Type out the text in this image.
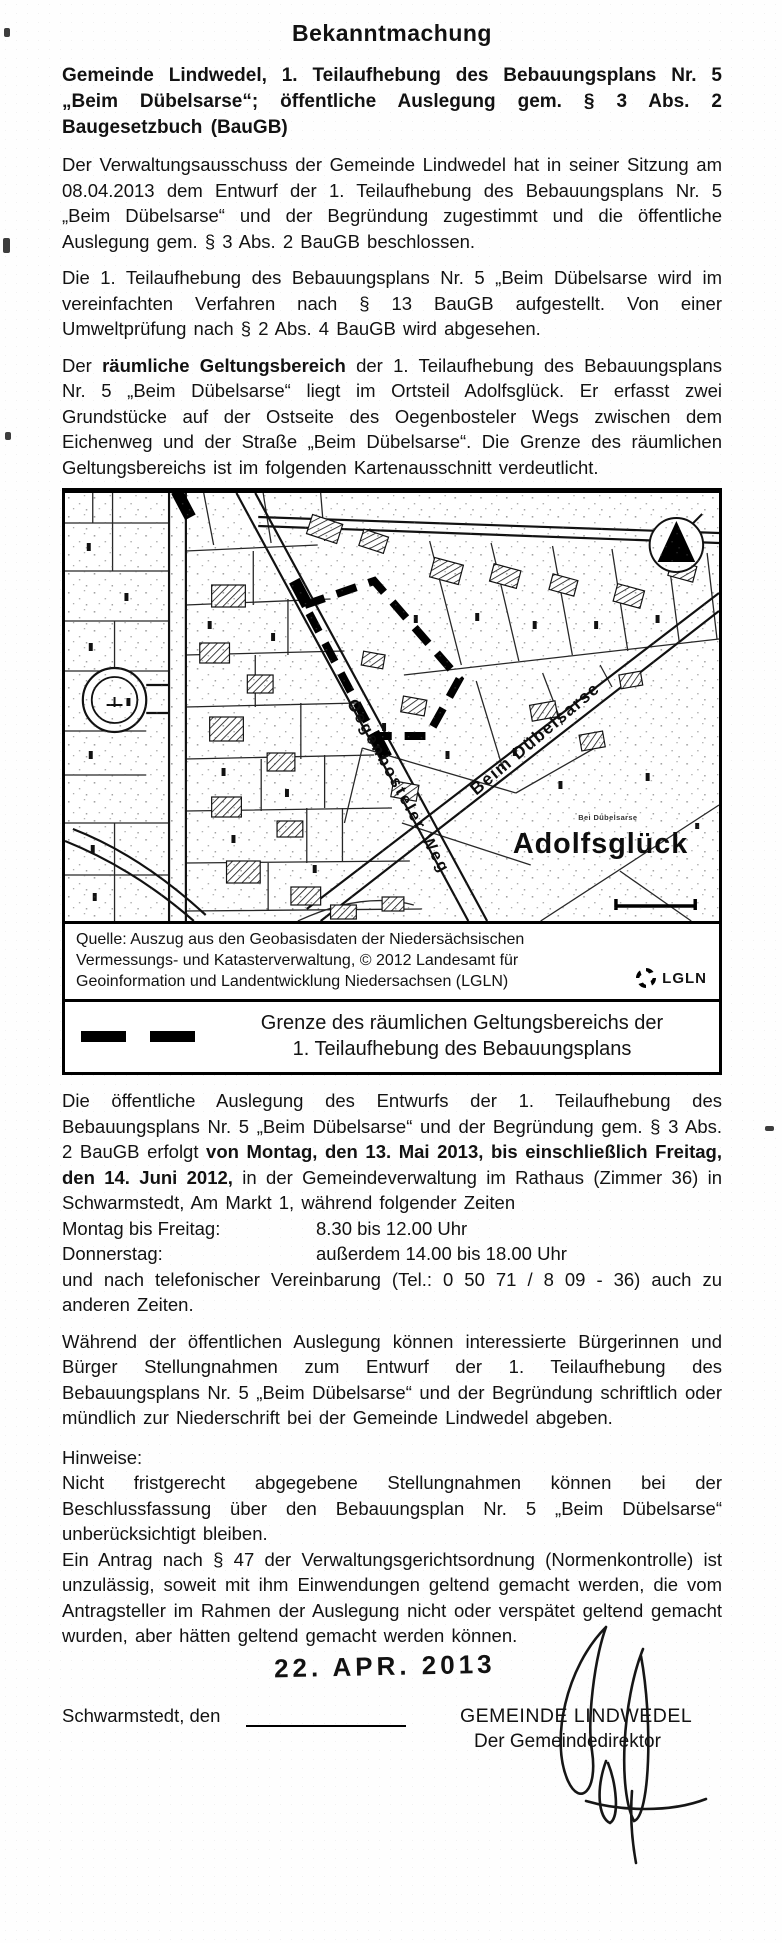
Bekanntmachung
Gemeinde Lindwedel, 1. Teilaufhebung des Bebauungsplans Nr. 5 „Beim Dübelsarse“; öffentliche Auslegung gem. § 3 Abs. 2 Baugesetzbuch (BauGB)

Der Verwaltungsausschuss der Gemeinde Lindwedel hat in seiner Sitzung am 08.04.2013 dem Entwurf der 1. Teilaufhebung des Bebauungsplans Nr. 5 „Beim Dübelsarse“ und der Begründung zugestimmt und die öffentliche Auslegung gem. § 3 Abs. 2 BauGB beschlossen.

Die 1. Teilaufhebung des Bebauungsplans Nr. 5 „Beim Dübelsarse wird im vereinfachten Verfahren nach § 13 BauGB aufgestellt. Von einer Umweltprüfung nach § 2 Abs. 4 BauGB wird abgesehen.

Der räumliche Geltungsbereich der 1. Teilaufhebung des Bebauungsplans Nr. 5 „Beim Dübelsarse“ liegt im Ortsteil Adolfsglück. Er erfasst zwei Grundstücke auf der Ostseite des Oegenbosteler Wegs zwischen dem Eichenweg und der Straße „Beim Dübelsarse“. Die Grenze des räumlichen Geltungsbereichs ist im folgenden Kartenausschnitt verdeutlicht.

Quelle: Auszug aus den Geobasisdaten der Niedersächsischen Vermessungs- und Katasterverwaltung, © 2012 Landesamt für Geoinformation und Landentwicklung Niedersachsen (LGLN)	LGLN
Grenze des räumlichen Geltungsbereichs der
1. Teilaufhebung des Bebauungsplans

Die öffentliche Auslegung des Entwurfs der 1. Teilaufhebung des Bebauungsplans Nr. 5 „Beim Dübelsarse“ und der Begründung gem. § 3 Abs. 2 BauGB erfolgt von Montag, den 13. Mai 2013, bis einschließlich Freitag, den 14. Juni 2012, in der Gemeindeverwaltung im Rathaus (Zimmer 36) in Schwarmstedt, Am Markt 1, während folgender Zeiten

Montag bis Freitag:	8.30 bis 12.00 Uhr
Donnerstag:	außerdem 14.00 bis 18.00 Uhr

und nach telefonischer Vereinbarung (Tel.: 0 50 71 / 8 09 - 36) auch zu anderen Zeiten.

Während der öffentlichen Auslegung können interessierte Bürgerinnen und Bürger Stellungnahmen zum Entwurf der 1. Teilaufhebung des Bebauungsplans Nr. 5 „Beim Dübelsarse“ und der Begründung schriftlich oder mündlich zur Niederschrift bei der Gemeinde Lindwedel abgeben.

Hinweise:

Nicht fristgerecht abgegebene Stellungnahmen können bei der Beschlussfassung über den Bebauungsplan Nr. 5 „Beim Dübelsarse“ unberücksichtigt bleiben.

Ein Antrag nach § 47 der Verwaltungsgerichtsordnung (Normenkontrolle) ist unzulässig, soweit mit ihm Einwendungen geltend gemacht werden, die vom Antragsteller im Rahmen der Auslegung nicht oder verspätet geltend gemacht wurden, aber hätten geltend gemacht werden können.

Schwarmstedt, den
22. APR. 2013
GEMEINDE LINDWEDEL
Der Gemeindedirektor
